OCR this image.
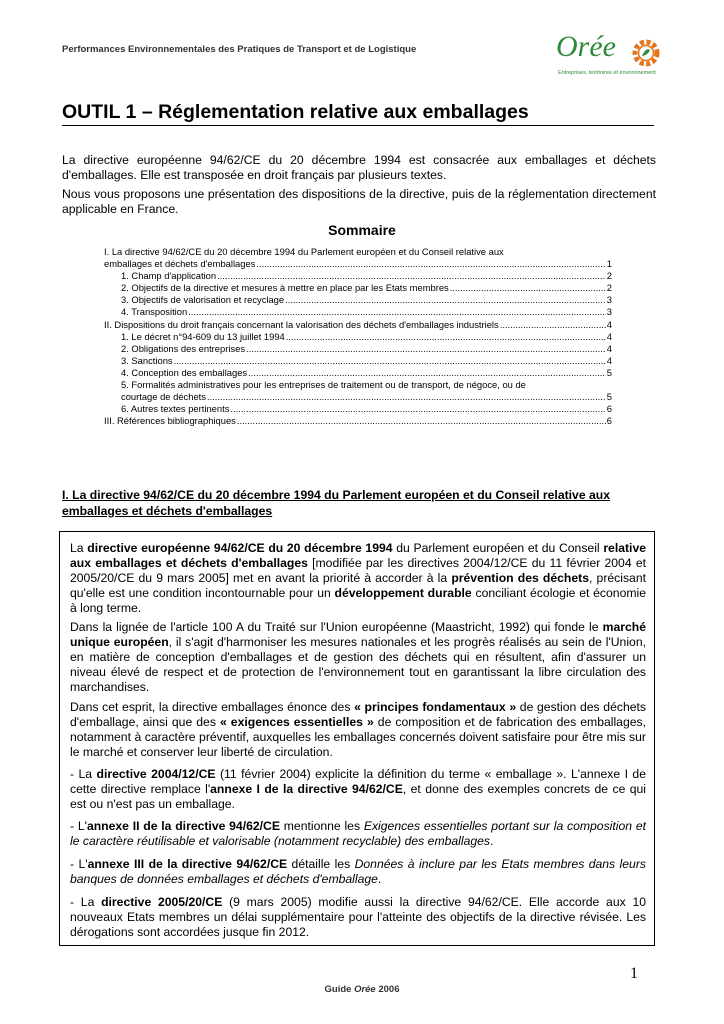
Performances Environnementales des Pratiques de Transport et de Logistique	Orée
Entreprises, territoires et environnement
OUTIL 1 – Réglementation relative aux emballages

La directive européenne 94/62/CE du 20 décembre 1994 est consacrée aux emballages et déchets d'emballages. Elle est transposée en droit français par plusieurs textes.

Nous vous proposons une présentation des dispositions de la directive, puis de la réglementation directement applicable en France.

Sommaire
I. La directive 94/62/CE du 20 décembre 1994 du Parlement européen et du Conseil relative aux
emballages et déchets d'emballages .....	1
1. Champ d'application .....	2
2. Objectifs de la directive et mesures à mettre en place par les Etats membres .....	2
3. Objectifs de valorisation et recyclage .....	3
4. Transposition .....	3
II. Dispositions du droit français concernant la valorisation des déchets d'emballages industriels .....	4
1. Le décret n°94-609 du 13 juillet 1994 .....	4
2. Obligations des entreprises .....	4
3. Sanctions .....	4
4. Conception des emballages .....	5
5. Formalités administratives pour les entreprises de traitement ou de transport, de négoce, ou de
courtage de déchets .....	5
6. Autres textes pertinents .....	6
III. Références bibliographiques .....	6
I. La directive 94/62/CE du 20 décembre 1994 du Parlement européen et du Conseil relative aux emballages et déchets d'emballages

La directive européenne 94/62/CE du 20 décembre 1994 du Parlement européen et du Conseil relative aux emballages et déchets d'emballages [modifiée par les directives 2004/12/CE du 11 février 2004 et 2005/20/CE du 9 mars 2005] met en avant la priorité à accorder à la prévention des déchets, précisant qu'elle est une condition incontournable pour un développement durable conciliant écologie et économie à long terme.

Dans la lignée de l'article 100 A du Traité sur l'Union européenne (Maastricht, 1992) qui fonde le marché unique européen, il s'agit d'harmoniser les mesures nationales et les progrès réalisés au sein de l'Union, en matière de conception d'emballages et de gestion des déchets qui en résultent, afin d'assurer un niveau élevé de respect et de protection de l'environnement tout en garantissant la libre circulation des marchandises.

Dans cet esprit, la directive emballages énonce des « principes fondamentaux » de gestion des déchets d'emballage, ainsi que des « exigences essentielles » de composition et de fabrication des emballages, notamment à caractère préventif, auxquelles les emballages concernés doivent satisfaire pour être mis sur le marché et conserver leur liberté de circulation.

- La directive 2004/12/CE (11 février 2004) explicite la définition du terme « emballage ». L'annexe I de cette directive remplace l'annexe I de la directive 94/62/CE, et donne des exemples concrets de ce qui est ou n'est pas un emballage.

- L'annexe II de la directive 94/62/CE mentionne les Exigences essentielles portant sur la composition et le caractère réutilisable et valorisable (notamment recyclable) des emballages.

- L'annexe III de la directive 94/62/CE détaille les Données à inclure par les Etats membres dans leurs banques de données emballages et déchets d'emballage.

- La directive 2005/20/CE (9 mars 2005) modifie aussi la directive 94/62/CE. Elle accorde aux 10 nouveaux Etats membres un délai supplémentaire pour l'atteinte des objectifs de la directive révisée. Les dérogations sont accordées jusque fin 2012.

1
Guide Orée 2006
